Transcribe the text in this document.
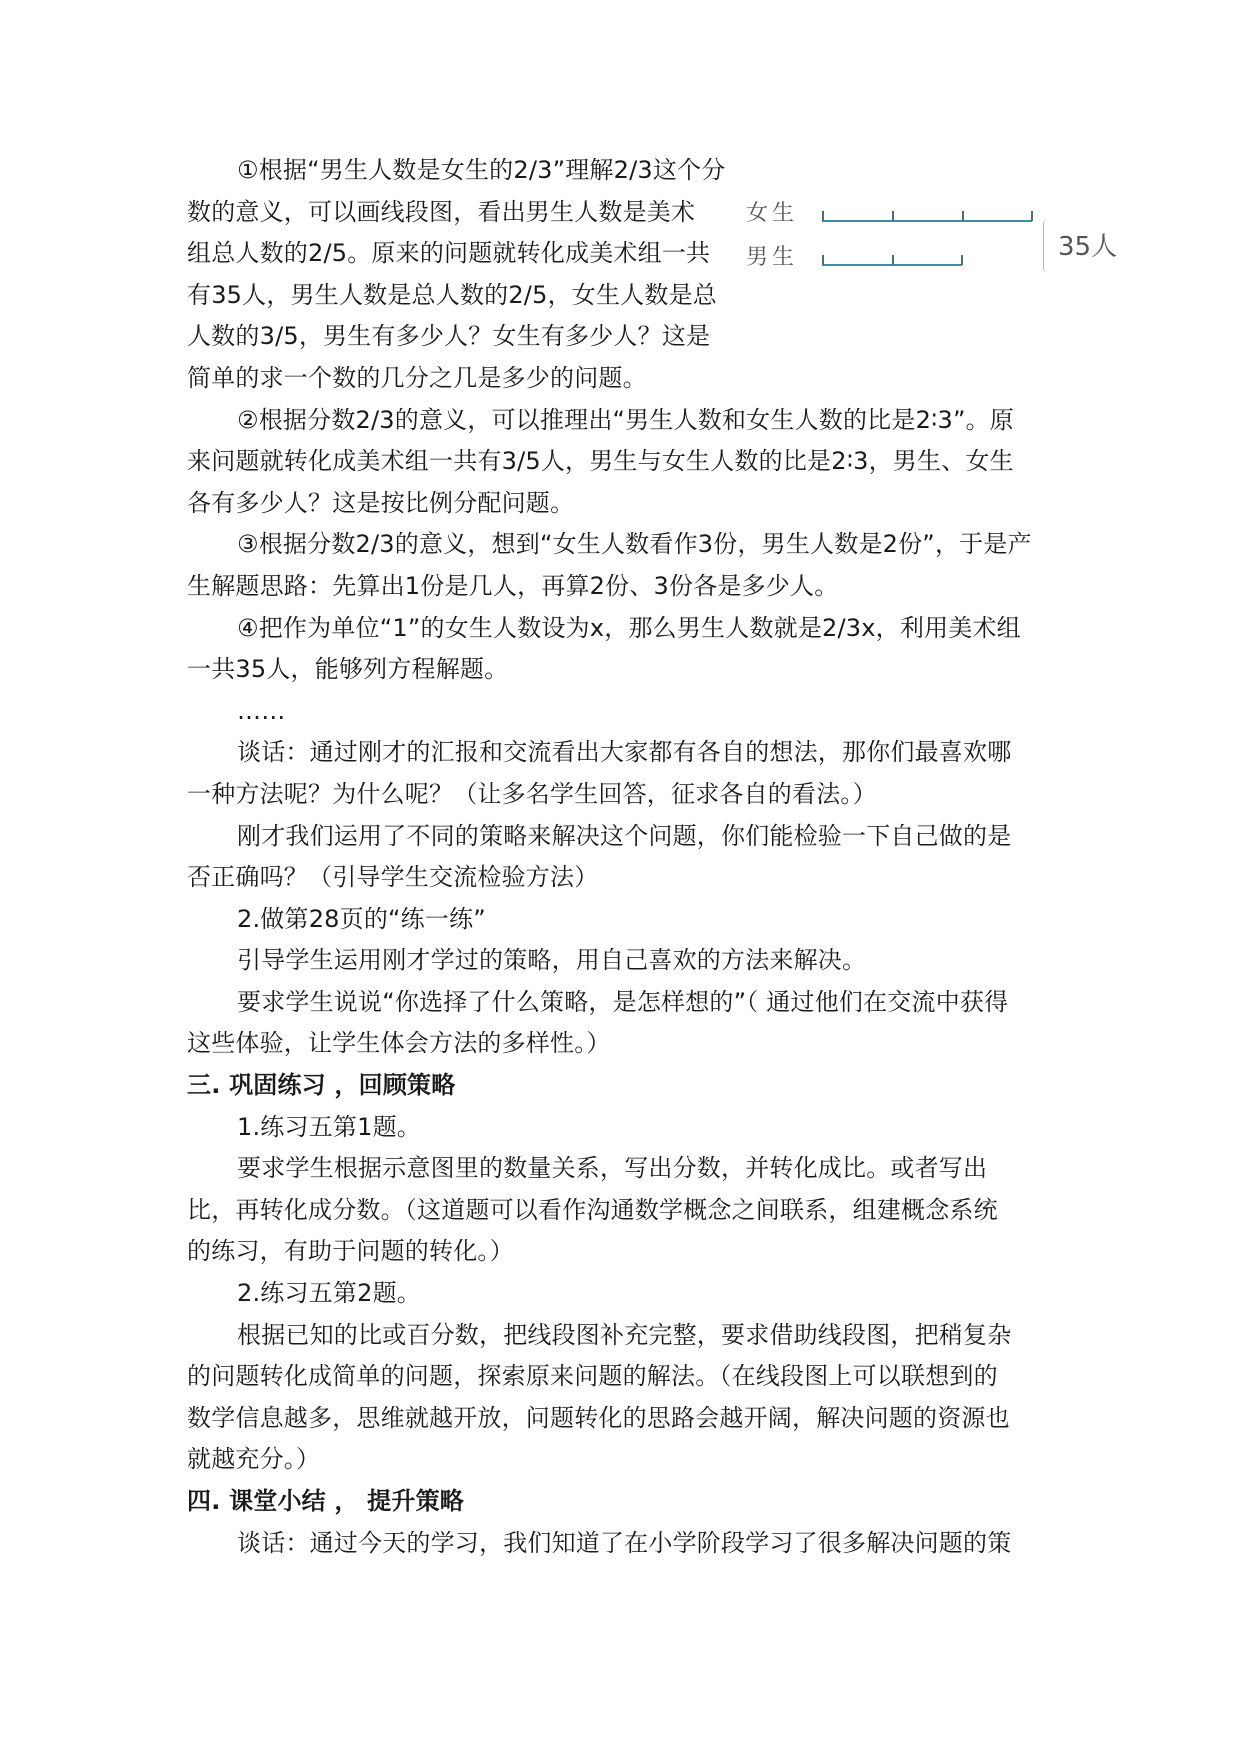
女生
男生	35人
①根据“男生人数是女生的2/3”理解2/3这个分
数的意义，可以画线段图，看出男生人数是美术
组总人数的2/5。原来的问题就转化成美术组一共
有35人，男生人数是总人数的2/5，女生人数是总
人数的3/5，男生有多少人？女生有多少人？这是
简单的求一个数的几分之几是多少的问题。
②根据分数2/3的意义，可以推理出“男生人数和女生人数的比是2∶3”。原
来问题就转化成美术组一共有3/5人，男生与女生人数的比是2∶3，男生、女生
各有多少人？这是按比例分配问题。
③根据分数2/3的意义，想到“女生人数看作3份，男生人数是2份”，于是产
生解题思路：先算出1份是几人，再算2份、3份各是多少人。
④把作为单位“1”的女生人数设为x，那么男生人数就是2/3x，利用美术组
一共35人，能够列方程解题。
……
谈话：通过刚才的汇报和交流看出大家都有各自的想法，那你们最喜欢哪
一种方法呢？为什么呢？（让多名学生回答，征求各自的看法。）
刚才我们运用了不同的策略来解决这个问题，你们能检验一下自己做的是
否正确吗？（引导学生交流检验方法）
2.做第28页的“练一练”
引导学生运用刚才学过的策略，用自己喜欢的方法来解决。
要求学生说说“你选择了什么策略，是怎样想的”（ 通过他们在交流中获得
这些体验，让学生体会方法的多样性。）
三. 巩固练习 ，回顾策略
1.练习五第1题。
要求学生根据示意图里的数量关系，写出分数，并转化成比。或者写出
比，再转化成分数。（这道题可以看作沟通数学概念之间联系，组建概念系统
的练习，有助于问题的转化。）
2.练习五第2题。
根据已知的比或百分数，把线段图补充完整，要求借助线段图，把稍复杂
的问题转化成简单的问题，探索原来问题的解法。（在线段图上可以联想到的
数学信息越多，思维就越开放，问题转化的思路会越开阔，解决问题的资源也
就越充分。）
四. 课堂小结 ， 提升策略
谈话：通过今天的学习，我们知道了在小学阶段学习了很多解决问题的策
